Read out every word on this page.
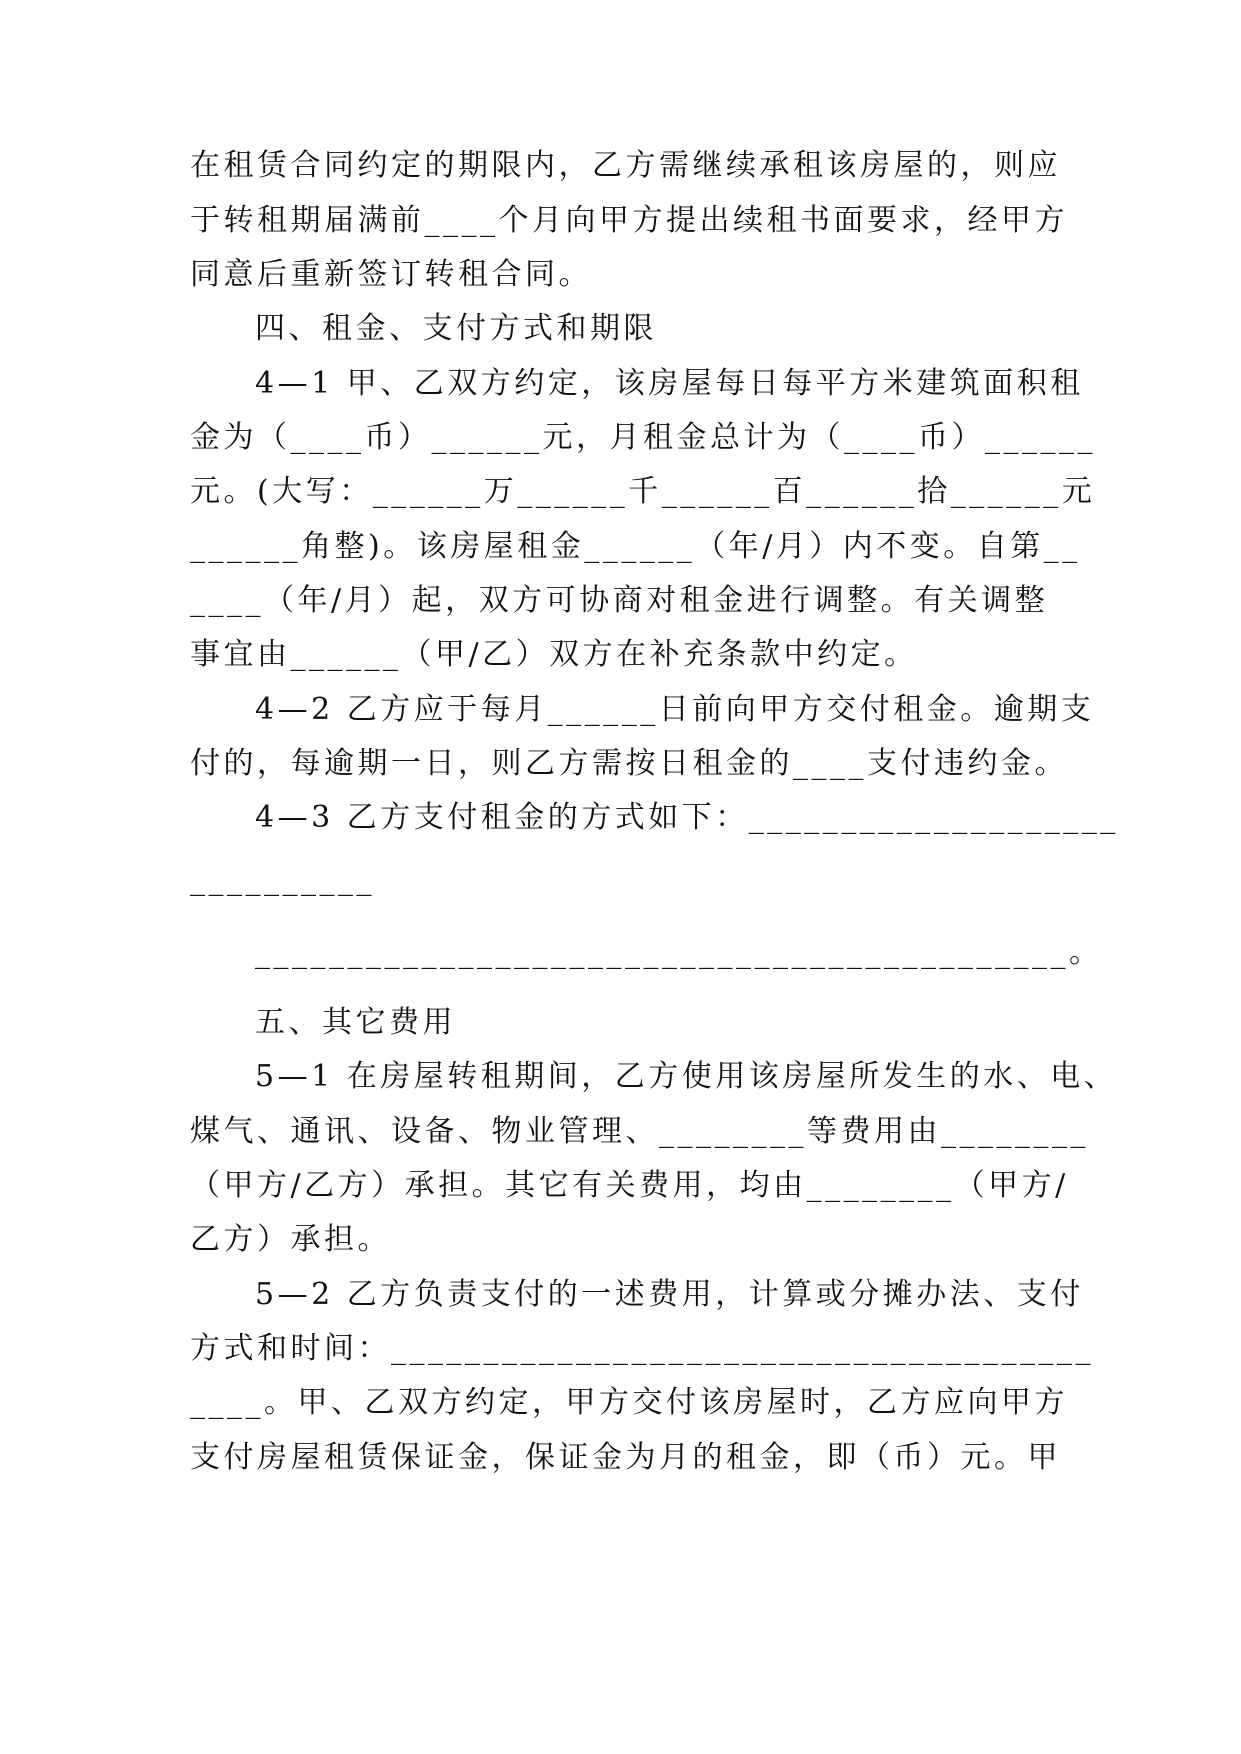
在租赁合同约定的期限内，乙方需继续承租该房屋的，则应
于转租期届满前____个月向甲方提出续租书面要求，经甲方
同意后重新签订转租合同。
四、租金、支付方式和期限
4—1 甲、乙双方约定，该房屋每日每平方米建筑面积租
金为（____币）______元，月租金总计为（____币）______
元。(大写：______万______千______百______拾______元
______角整)。该房屋租金______（年/月）内不变。自第__
____（年/月）起，双方可协商对租金进行调整。有关调整
事宜由______（甲/乙）双方在补充条款中约定。
4—2 乙方应于每月______日前向甲方交付租金。逾期支
付的，每逾期一日，则乙方需按日租金的____支付违约金。
4—3 乙方支付租金的方式如下：____________________
__________
____________________________________________。
五、其它费用
5—1 在房屋转租期间，乙方使用该房屋所发生的水、电、
煤气、通讯、设备、物业管理、________等费用由________
（甲方/乙方）承担。其它有关费用，均由________（甲方/
乙方）承担。
5—2 乙方负责支付的一述费用，计算或分摊办法、支付
方式和时间：______________________________________
____。甲、乙双方约定，甲方交付该房屋时，乙方应向甲方
支付房屋租赁保证金，保证金为月的租金，即（币）元。甲
